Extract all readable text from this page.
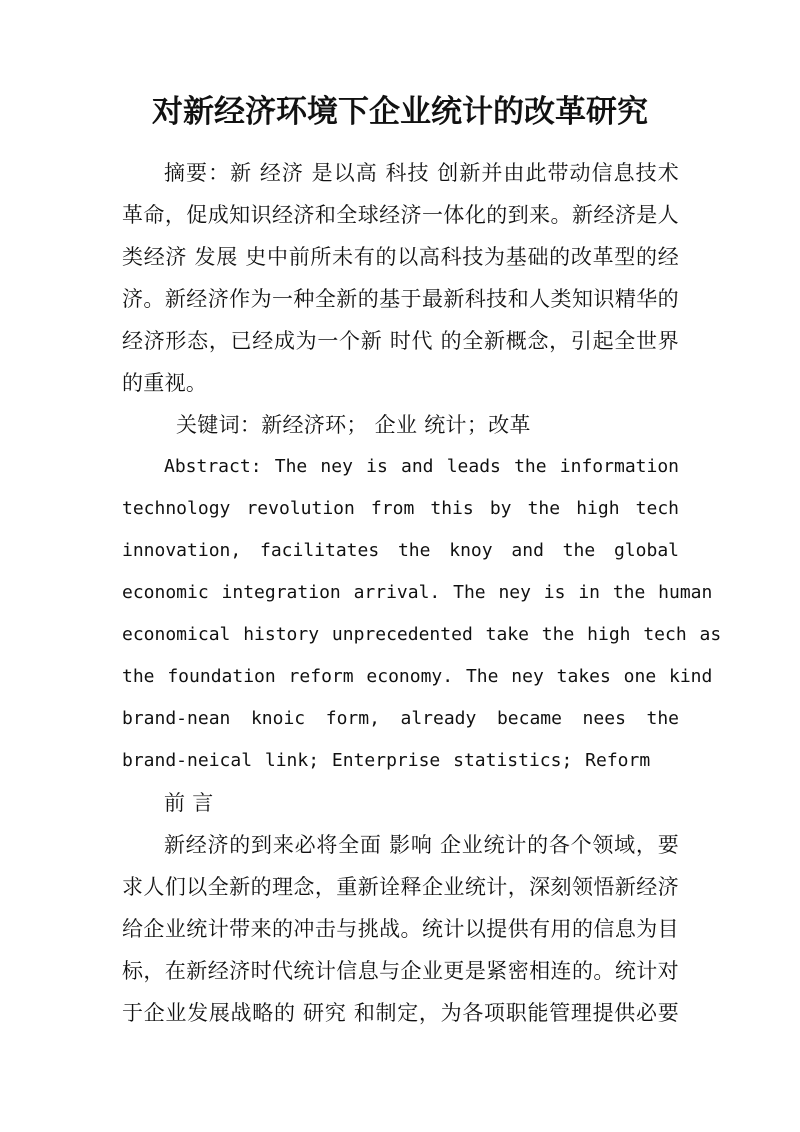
对新经济环境下企业统计的改革研究
摘要：新 经济 是以高 科技 创新并由此带动信息技术
革命，促成知识经济和全球经济一体化的到来。新经济是人
类经济 发展 史中前所未有的以高科技为基础的改革型的经
济。新经济作为一种全新的基于最新科技和人类知识精华的
经济形态，已经成为一个新 时代 的全新概念，引起全世界
的重视。
关键词：新经济环； 企业 统计；改革
Abstract: The ney is and leads the information
technology revolution from this by the high tech
innovation, facilitates the knoy and the global
economic integration arrival. The ney is in the human
economical history unprecedented take the high tech as
the foundation reform economy. The ney takes one kind
brand-nean knoic form, already became nees the
brand-neical link; Enterprise statistics; Reform
前 言
新经济的到来必将全面 影响 企业统计的各个领域，要
求人们以全新的理念，重新诠释企业统计，深刻领悟新经济
给企业统计带来的冲击与挑战。统计以提供有用的信息为目
标，在新经济时代统计信息与企业更是紧密相连的。统计对
于企业发展战略的 研究 和制定，为各项职能管理提供必要
